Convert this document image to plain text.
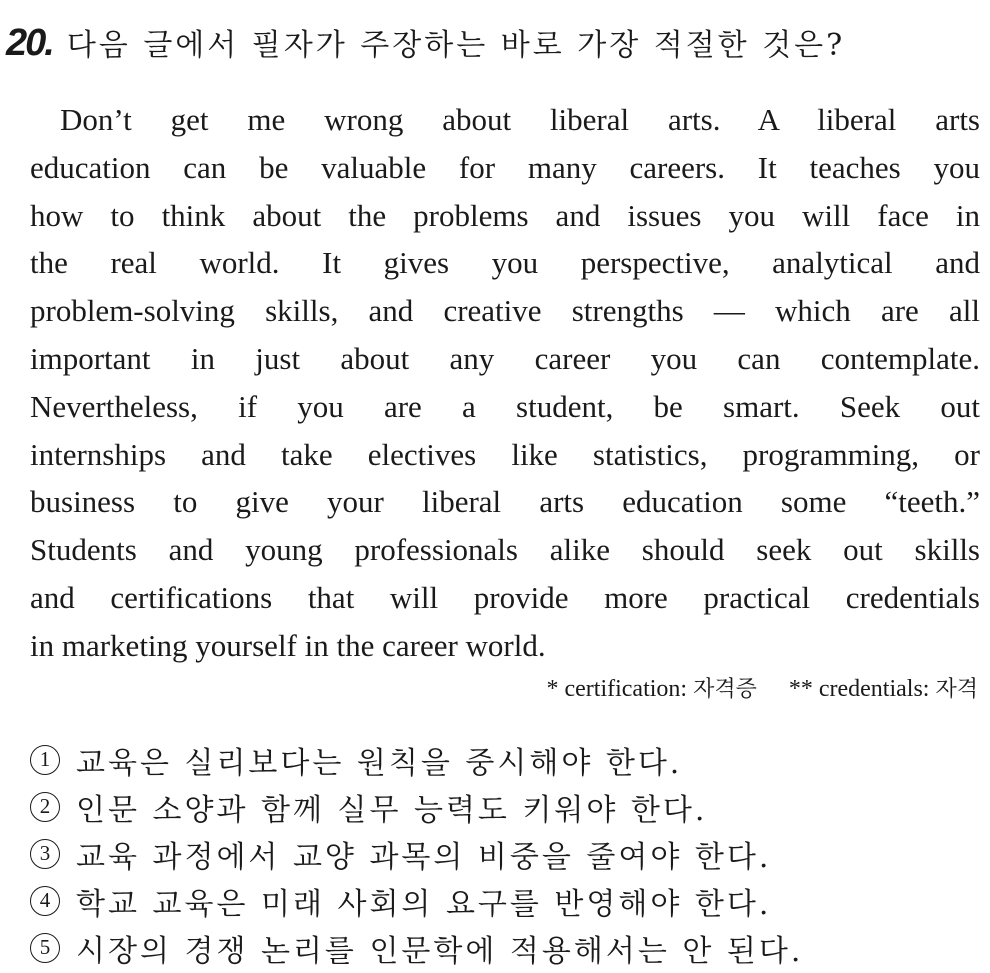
20. 다음 글에서 필자가 주장하는 바로 가장 적절한 것은?
Don’t get me wrong about liberal arts. A liberal arts
education can be valuable for many careers. It teaches you
how to think about the problems and issues you will face in
the real world. It gives you perspective, analytical and
problem-solving skills, and creative strengths — which are all
important in just about any career you can contemplate.
Nevertheless, if you are a student, be smart. Seek out
internships and take electives like statistics, programming, or
business to give your liberal arts education some “teeth.”
Students and young professionals alike should seek out skills
and certifications that will provide more practical credentials
in marketing yourself in the career world.
* certification: 자격증 ** credentials: 자격
1 교육은 실리보다는 원칙을 중시해야 한다.
2 인문 소양과 함께 실무 능력도 키워야 한다.
3 교육 과정에서 교양 과목의 비중을 줄여야 한다.
4 학교 교육은 미래 사회의 요구를 반영해야 한다.
5 시장의 경쟁 논리를 인문학에 적용해서는 안 된다.
